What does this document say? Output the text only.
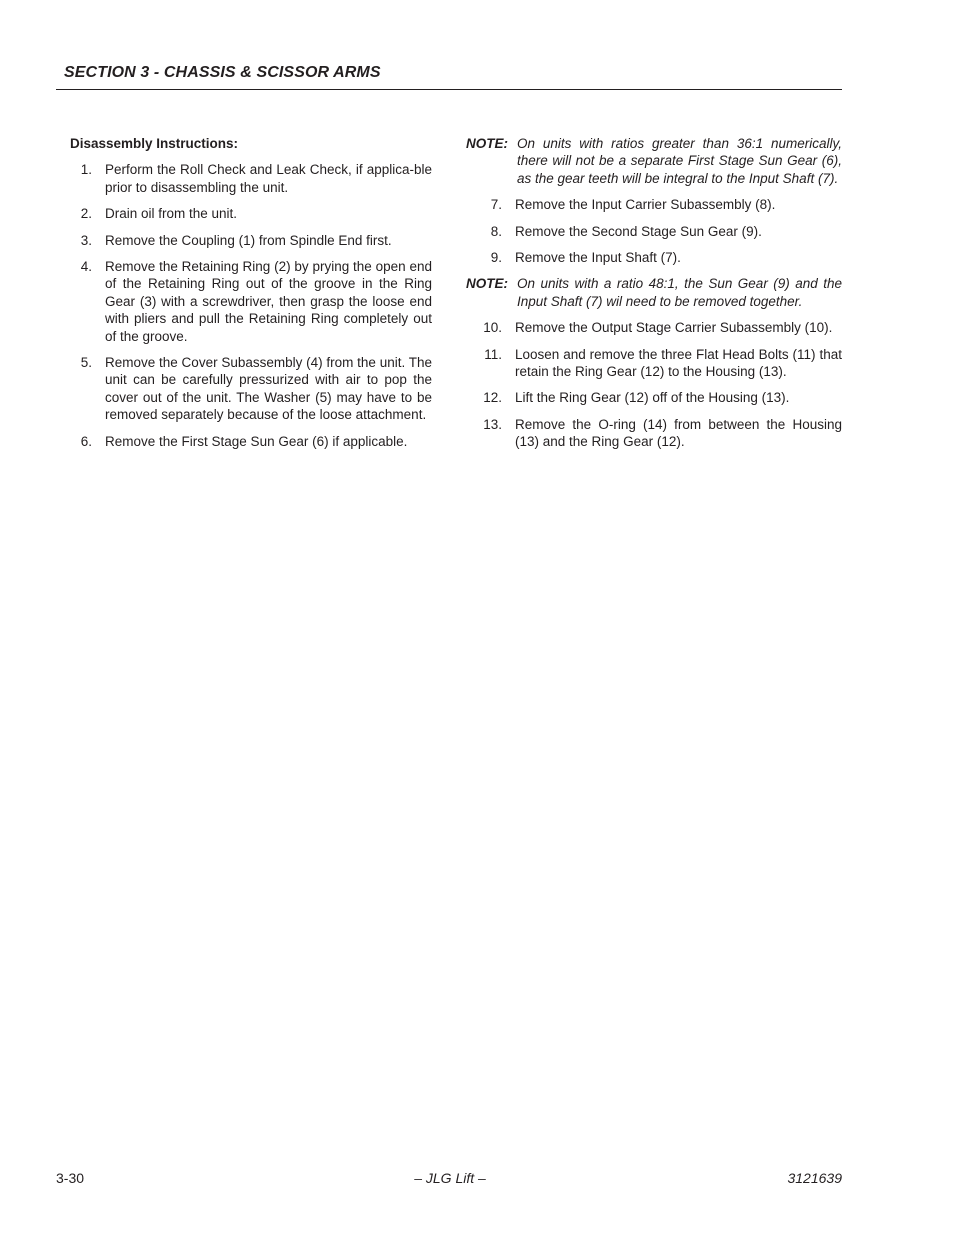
SECTION 3 - CHASSIS & SCISSOR ARMS
Disassembly Instructions:
1. Perform the Roll Check and Leak Check, if applica-ble prior to disassembling the unit.
2. Drain oil from the unit.
3. Remove the Coupling (1) from Spindle End first.
4. Remove the Retaining Ring (2) by prying the open end of the Retaining Ring out of the groove in the Ring Gear (3) with a screwdriver, then grasp the loose end with pliers and pull the Retaining Ring completely out of the groove.
5. Remove the Cover Subassembly (4) from the unit. The unit can be carefully pressurized with air to pop the cover out of the unit. The Washer (5) may have to be removed separately because of the loose attachment.
6. Remove the First Stage Sun Gear (6) if applicable.
NOTE: On units with ratios greater than 36:1 numerically, there will not be a separate First Stage Sun Gear (6), as the gear teeth will be integral to the Input Shaft (7).
7. Remove the Input Carrier Subassembly (8).
8. Remove the Second Stage Sun Gear (9).
9. Remove the Input Shaft (7).
NOTE: On units with a ratio 48:1, the Sun Gear (9) and the Input Shaft (7) wil need to be removed together.
10. Remove the Output Stage Carrier Subassembly (10).
11. Loosen and remove the three Flat Head Bolts (11) that retain the Ring Gear (12) to the Housing (13).
12. Lift the Ring Gear (12) off of the Housing (13).
13. Remove the O-ring (14) from between the Housing (13) and the Ring Gear (12).
3-30	– JLG Lift –	3121639
